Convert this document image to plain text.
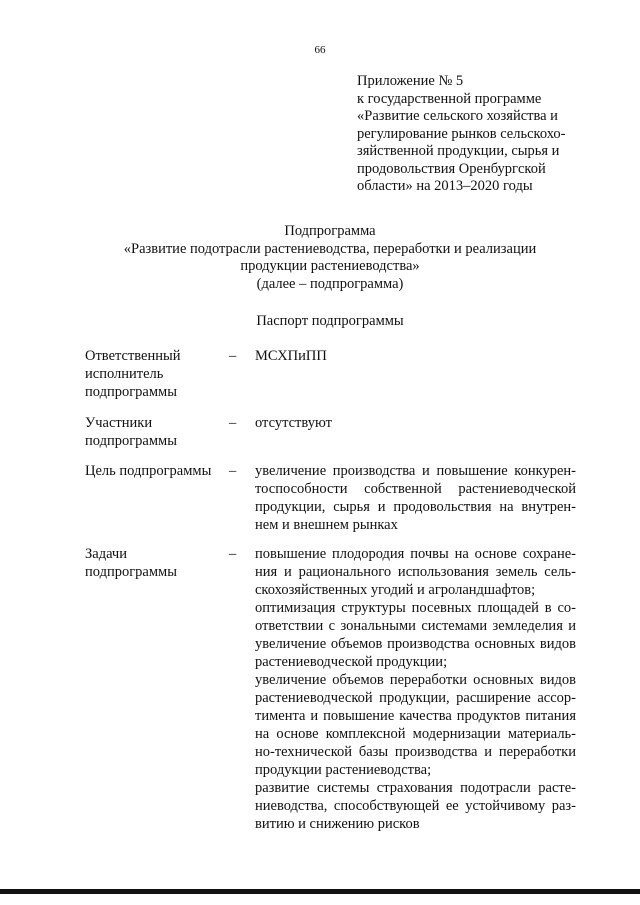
66
Приложение № 5
к государственной программе
«Развитие сельского хозяйства и
регулирование рынков сельскохо-
зяйственной продукции, сырья и
продовольствия Оренбургской
области» на 2013–2020 годы
Подпрограмма
«Развитие подотрасли растениеводства, переработки и реализации
продукции растениеводства»
(далее – подпрограмма)
Паспорт подпрограммы
Ответственный
исполнитель
подпрограммы
– МСХПиПП
Участники
подпрограммы
– отсутствуют
Цель подпрограммы	– увеличение производства и повышение конкурен-
тоспособности собственной растениеводческой
продукции, сырья и продовольствия на внутрен-
нем и внешнем рынках
Задачи
подпрограммы
– повышение плодородия почвы на основе сохране-
ния и рационального использования земель сель-
скохозяйственных угодий и агроландшафтов;
оптимизация структуры посевных площадей в со-
ответствии с зональными системами земледелия и
увеличение объемов производства основных видов
растениеводческой продукции;
увеличение объемов переработки основных видов
растениеводческой продукции, расширение ассор-
тимента и повышение качества продуктов питания
на основе комплексной модернизации материаль-
но-технической базы производства и переработки
продукции растениеводства;
развитие системы страхования подотрасли расте-
ниеводства, способствующей ее устойчивому раз-
витию и снижению рисков
